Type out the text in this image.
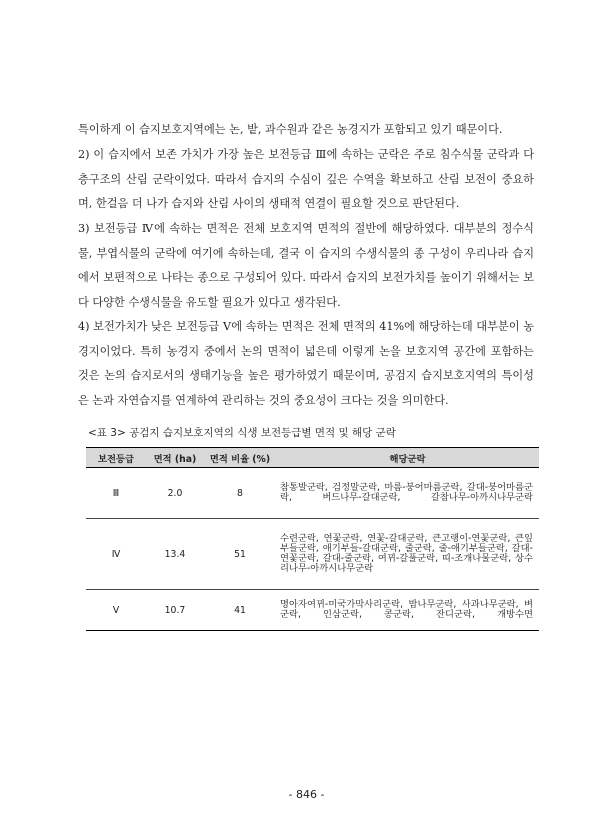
특이하게 이 습지보호지역에는 논, 밭, 과수원과 같은 농경지가 포함되고 있기 때문이다.

2) 이 습지에서 보존 가치가 가장 높은 보전등급 Ⅲ에 속하는 군락은 주로 침수식물 군락과 다층구조의 산림 군락이었다. 따라서 습지의 수심이 깊은 수역을 확보하고 산림 보전이 중요하며, 한걸음 더 나가 습지와 산림 사이의 생태적 연결이 필요할 것으로 판단된다.

3) 보전등급 Ⅳ에 속하는 면적은 전체 보호지역 면적의 절반에 해당하였다. 대부분의 정수식물, 부엽식물의 군락에 여기에 속하는데, 결국 이 습지의 수생식물의 종 구성이 우리나라 습지에서 보편적으로 나타는 종으로 구성되어 있다. 따라서 습지의 보전가치를 높이기 위해서는 보다 다양한 수생식물을 유도할 필요가 있다고 생각된다.

4) 보전가치가 낮은 보전등급 Ⅴ에 속하는 면적은 전체 면적의 41%에 해당하는데 대부분이 농경지이었다. 특히 농경지 중에서 논의 면적이 넓은데 이렇게 논을 보호지역 공간에 포함하는 것은 논의 습지로서의 생태기능을 높은 평가하였기 때문이며, 공검지 습지보호지역의 특이성은 논과 자연습지를 연계하여 관리하는 것의 중요성이 크다는 것을 의미한다.

<표 3> 공검지 습지보호지역의 식생 보전등급별 면적 및 해당 군락

보전등급	면적 (ha)	면적 비율 (%)	해당군락
Ⅲ	2.0	8	참통발군락, 검정말군락, 마름-붕어마름군락, 갈대-붕어마름군락, 버드나무-갈대군락, 갈참나무-아까시나무군락
Ⅳ	13.4	51	수련군락, 연꽃군락, 연꽃-갈대군락, 큰고랭이-연꽃군락, 큰잎부들군락, 애기부들-갈대군락, 줄군락, 줄-애기부들군락, 갈대-연꽃군락, 갈대-줄군락, 여뀌-갈풀군락, 띠-조개나물군락, 상수리나무-아까시나무군락
Ⅴ	10.7	41	명아자여뀌-미국가막사리군락, 밤나무군락, 사과나무군락, 벼군락, 인삼군락, 콩군락, 잔디군락, 개방수면
- 846 -
